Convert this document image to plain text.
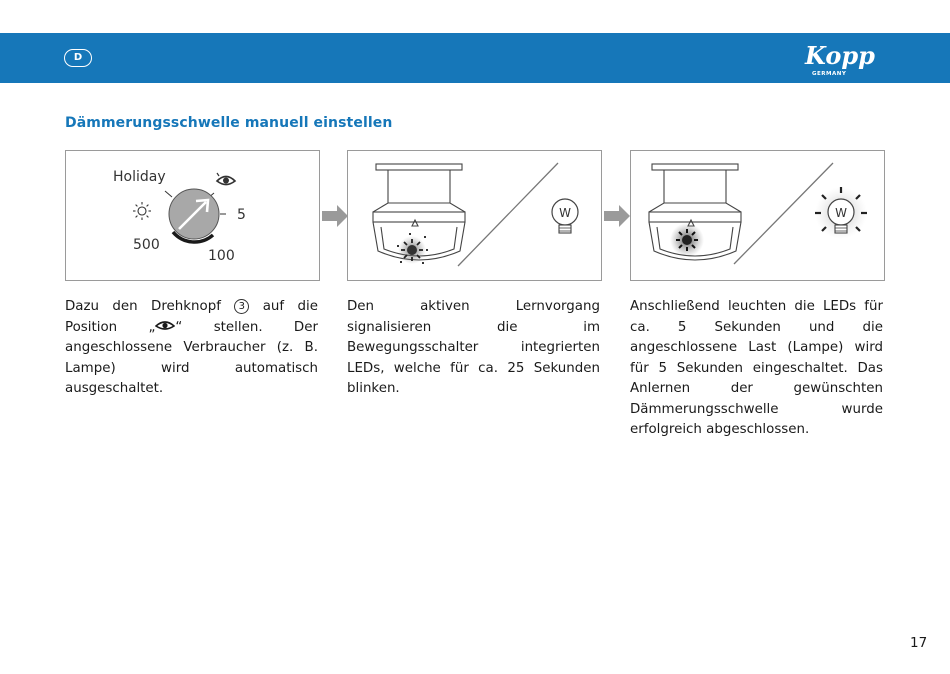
D	Kopp
GERMANY
Dämmerungsschwelle manuell einstellen
Holiday
5
500
100
W	W

Dazu den Drehknopf 3 auf die Position „ “ stellen. Der angeschlossene Verbraucher (z. B. Lampe) wird automatisch ausgeschaltet.

Den aktiven Lernvorgang signalisieren die im Bewegungsschalter integrierten LEDs, welche für ca. 25 Sekunden blinken.

Anschließend leuchten die LEDs für ca. 5 Sekunden und die angeschlossene Last (Lampe) wird für 5 Sekunden eingeschaltet. Das Anlernen der gewünschten Dämmerungsschwelle wurde erfolgreich abgeschlossen.

17
